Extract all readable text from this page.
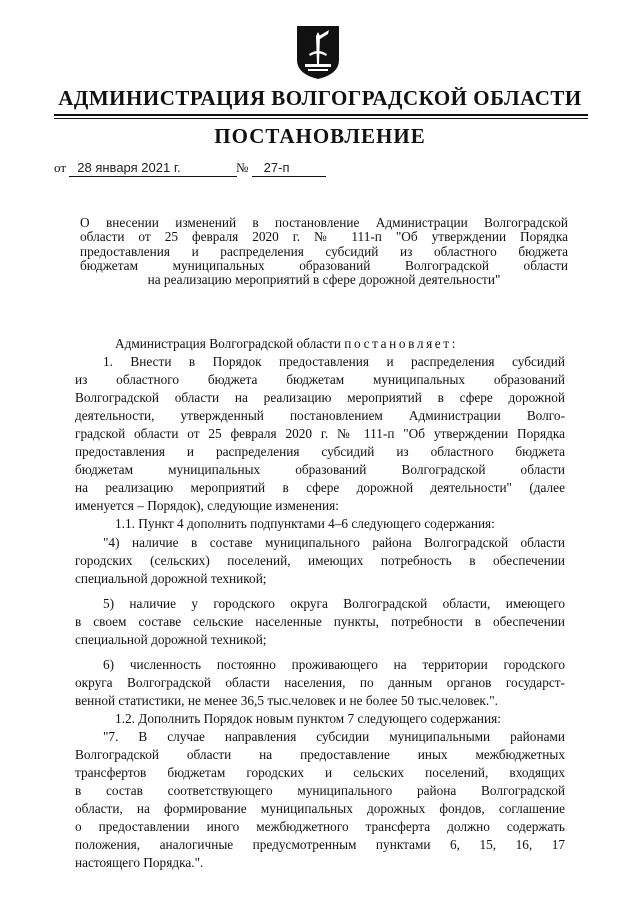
АДМИНИСТРАЦИЯ ВОЛГОГРАДСКОЙ ОБЛАСТИ
ПОСТАНОВЛЕНИЕ
от 28 января 2021 г.	№ 27-п
О внесении изменений в постановление Администрации Волгоградской
области от 25 февраля 2020 г. № 111-п "Об утверждении Порядка
предоставления и распределения субсидий из областного бюджета
бюджетам муниципальных образований Волгоградской области
на реализацию мероприятий в сфере дорожной деятельности"
Администрация Волгоградской области постановляет:
1. Внести в Порядок предоставления и распределения субсидий
из областного бюджета бюджетам муниципальных образований
Волгоградской области на реализацию мероприятий в сфере дорожной
деятельности, утвержденный постановлением Администрации Волго-
градской области от 25 февраля 2020 г. № 111-п "Об утверждении Порядка
предоставления и распределения субсидий из областного бюджета
бюджетам муниципальных образований Волгоградской области
на реализацию мероприятий в сфере дорожной деятельности" (далее
именуется – Порядок), следующие изменения:
1.1. Пункт 4 дополнить подпунктами 4–6 следующего содержания:
"4) наличие в составе муниципального района Волгоградской области
городских (сельских) поселений, имеющих потребность в обеспечении
специальной дорожной техникой;
5) наличие у городского округа Волгоградской области, имеющего
в своем составе сельские населенные пункты, потребности в обеспечении
специальной дорожной техникой;
6) численность постоянно проживающего на территории городского
округа Волгоградской области населения, по данным органов государст-
венной статистики, не менее 36,5 тыс.человек и не более 50 тыс.человек.".
1.2. Дополнить Порядок новым пунктом 7 следующего содержания:
"7. В случае направления субсидии муниципальными районами
Волгоградской области на предоставление иных межбюджетных
трансфертов бюджетам городских и сельских поселений, входящих
в состав соответствующего муниципального района Волгоградской
области, на формирование муниципальных дорожных фондов, соглашение
о предоставлении иного межбюджетного трансферта должно содержать
положения, аналогичные предусмотренным пунктами 6, 15, 16, 17
настоящего Порядка.".
